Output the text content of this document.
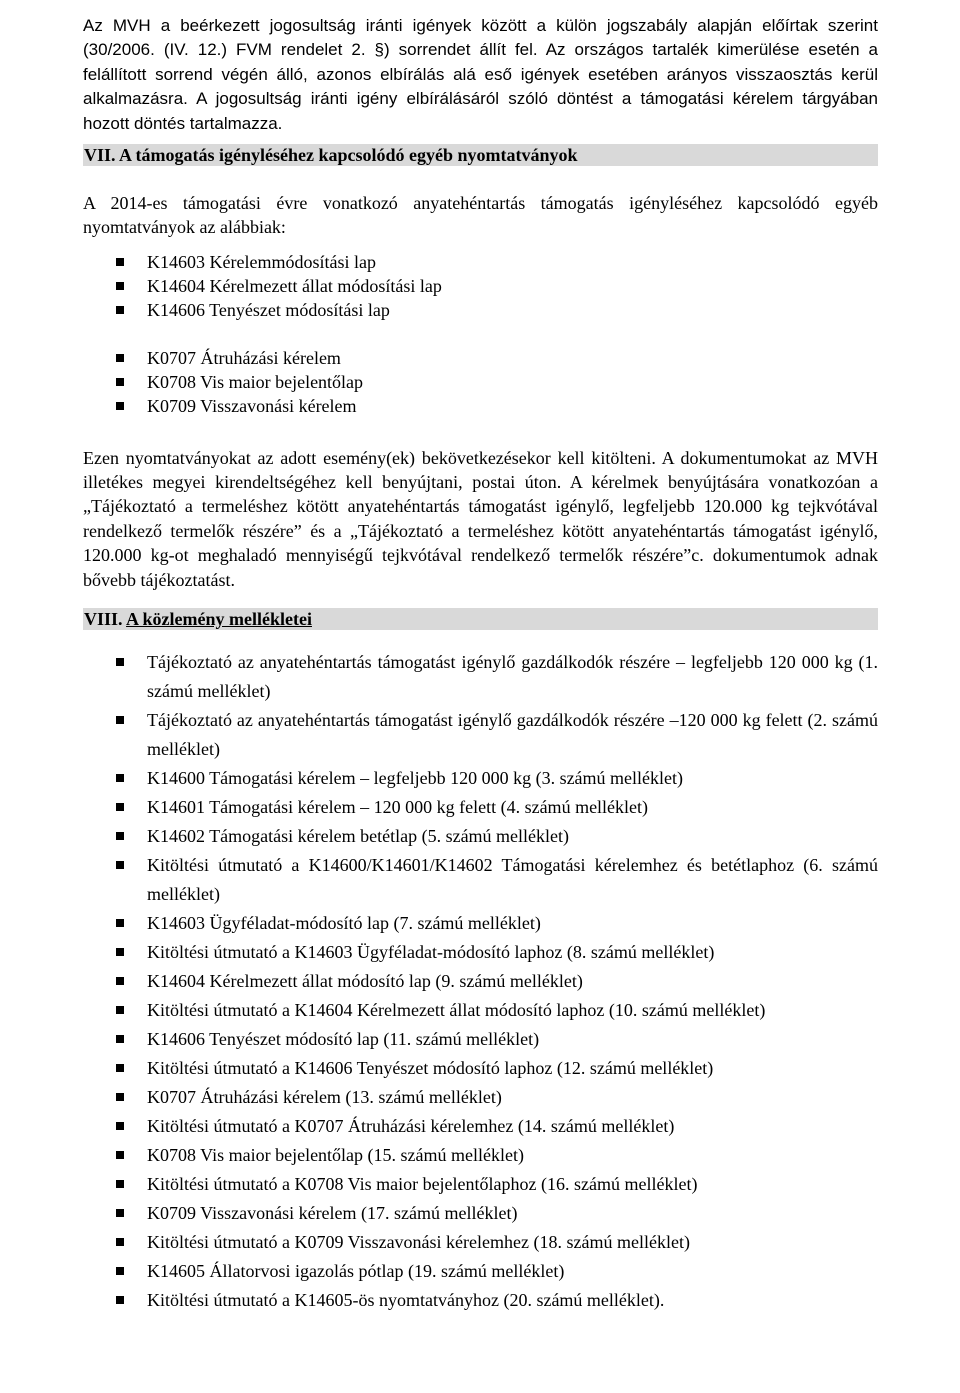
Az MVH a beérkezett jogosultság iránti igények között a külön jogszabály alapján előírtak szerint (30/2006. (IV. 12.) FVM rendelet 2. §) sorrendet állít fel. Az országos tartalék kimerülése esetén a felállított sorrend végén álló, azonos elbírálás alá eső igények esetében arányos visszaosztás kerül alkalmazásra. A jogosultság iránti igény elbírálásáról szóló döntést a támogatási kérelem tárgyában hozott döntés tartalmazza.

VII. A támogatás igényléséhez kapcsolódó egyéb nyomtatványok

A 2014-es támogatási évre vonatkozó anyatehéntartás támogatás igényléséhez kapcsolódó egyéb nyomtatványok az alábbiak:

K14603 Kérelemmódosítási lap
K14604 Kérelmezett állat módosítási lap
K14606 Tenyészet módosítási lap
K0707 Átruházási kérelem
K0708 Vis maior bejelentőlap
K0709 Visszavonási kérelem

Ezen nyomtatványokat az adott esemény(ek) bekövetkezésekor kell kitölteni. A dokumentumokat az MVH illetékes megyei kirendeltségéhez kell benyújtani, postai úton. A kérelmek benyújtására vonatkozóan a „Tájékoztató a termeléshez kötött anyatehéntartás támogatást igénylő, legfeljebb 120.000 kg tejkvótával rendelkező termelők részére” és a „Tájékoztató a termeléshez kötött anyatehéntartás támogatást igénylő, 120.000 kg-ot meghaladó mennyiségű tejkvótával rendelkező termelők részére”c. dokumentumok adnak bővebb tájékoztatást.

VIII. A közlemény mellékletei
Tájékoztató az anyatehéntartás támogatást igénylő gazdálkodók részére – legfeljebb 120 000 kg (1. számú melléklet)
Tájékoztató az anyatehéntartás támogatást igénylő gazdálkodók részére –120 000 kg felett (2. számú melléklet)
K14600 Támogatási kérelem – legfeljebb 120 000 kg (3. számú melléklet)
K14601 Támogatási kérelem – 120 000 kg felett (4. számú melléklet)
K14602 Támogatási kérelem betétlap (5. számú melléklet)
Kitöltési útmutató a K14600/K14601/K14602 Támogatási kérelemhez és betétlaphoz (6. számú melléklet)
K14603 Ügyféladat-módosító lap (7. számú melléklet)
Kitöltési útmutató a K14603 Ügyféladat-módosító laphoz (8. számú melléklet)
K14604 Kérelmezett állat módosító lap (9. számú melléklet)
Kitöltési útmutató a K14604 Kérelmezett állat módosító laphoz (10. számú melléklet)
K14606 Tenyészet módosító lap (11. számú melléklet)
Kitöltési útmutató a K14606 Tenyészet módosító laphoz (12. számú melléklet)
K0707 Átruházási kérelem (13. számú melléklet)
Kitöltési útmutató a K0707 Átruházási kérelemhez (14. számú melléklet)
K0708 Vis maior bejelentőlap (15. számú melléklet)
Kitöltési útmutató a K0708 Vis maior bejelentőlaphoz (16. számú melléklet)
K0709 Visszavonási kérelem (17. számú melléklet)
Kitöltési útmutató a K0709 Visszavonási kérelemhez (18. számú melléklet)
K14605 Állatorvosi igazolás pótlap (19. számú melléklet)
Kitöltési útmutató a K14605-ös nyomtatványhoz (20. számú melléklet).
